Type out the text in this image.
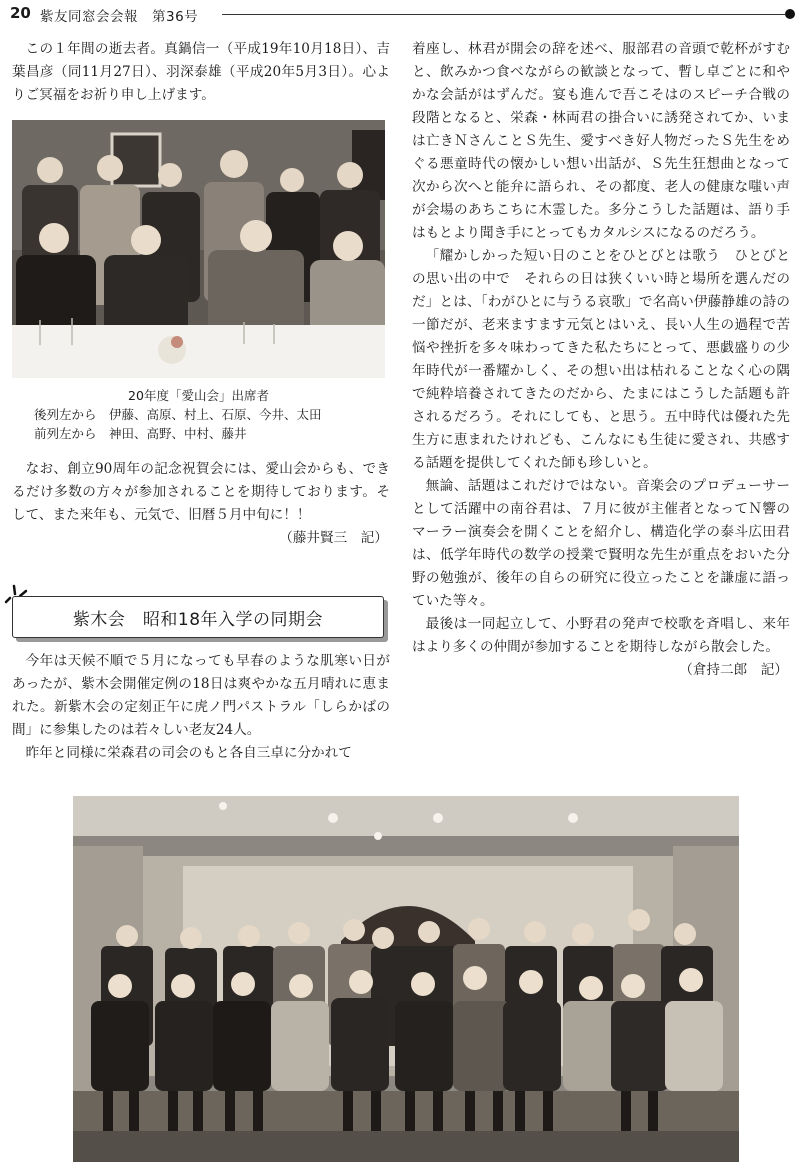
20 紫友同窓会会報　第36号

この１年間の逝去者。真鍋信一（平成19年10月18日）、吉葉昌彦（同11月27日）、羽深泰雄（平成20年5月3日）。心よりご冥福をお祈り申し上げます。

20年度「愛山会」出席者
後列左から　伊藤、高原、村上、石原、今井、太田
前列左から　神田、高野、中村、藤井

なお、創立90周年の記念祝賀会には、愛山会からも、できるだけ多数の方々が参加されることを期待しております。そして、また来年も、元気で、旧暦５月中旬に！！

（藤井賢三　記）

紫木会　昭和18年入学の同期会

今年は天候不順で５月になっても早春のような肌寒い日があったが、紫木会開催定例の18日は爽やかな五月晴れに恵まれた。新紫木会の定刻正午に虎ノ門パストラル「しらかばの間」に参集したのは若々しい老友24人。

昨年と同様に栄森君の司会のもと各自三卓に分かれて

着座し、林君が開会の辞を述べ、服部君の音頭で乾杯がすむと、飲みかつ食べながらの歓談となって、暫し卓ごとに和やかな会話がはずんだ。宴も進んで吾こそはのスピーチ合戦の段階となると、栄森・林両君の掛合いに誘発されてか、いまは亡きＮさんことＳ先生、愛すべき好人物だったＳ先生をめぐる悪童時代の懐かしい想い出話が、Ｓ先生狂想曲となって次から次へと能弁に語られ、その都度、老人の健康な嗤い声が会場のあちこちに木霊した。多分こうした話題は、語り手はもとより聞き手にとってもカタルシスになるのだろう。

「耀かしかった短い日のことをひとびとは歌う　ひとびとの思い出の中で　それらの日は狭くいい時と場所を選んだのだ」とは、「わがひとに与うる哀歌」で名高い伊藤静雄の詩の一節だが、老来ますます元気とはいえ、長い人生の過程で苦悩や挫折を多々味わってきた私たちにとって、悪戯盛りの少年時代が一番耀かしく、その想い出は枯れることなく心の隅で純粋培養されてきたのだから、たまにはこうした話題も許されるだろう。それにしても、と思う。五中時代は優れた先生方に恵まれたけれども、こんなにも生徒に愛され、共感する話題を提供してくれた師も珍しいと。

無論、話題はこれだけではない。音楽会のプロデューサーとして活躍中の南谷君は、７月に彼が主催者となってＮ響のマーラー演奏会を開くことを紹介し、構造化学の泰斗広田君は、低学年時代の数学の授業で賢明な先生が重点をおいた分野の勉強が、後年の自らの研究に役立ったことを謙虚に語っていた等々。

最後は一同起立して、小野君の発声で校歌を斉唱し、来年はより多くの仲間が参加することを期待しながら散会した。

（倉持二郎　記）
